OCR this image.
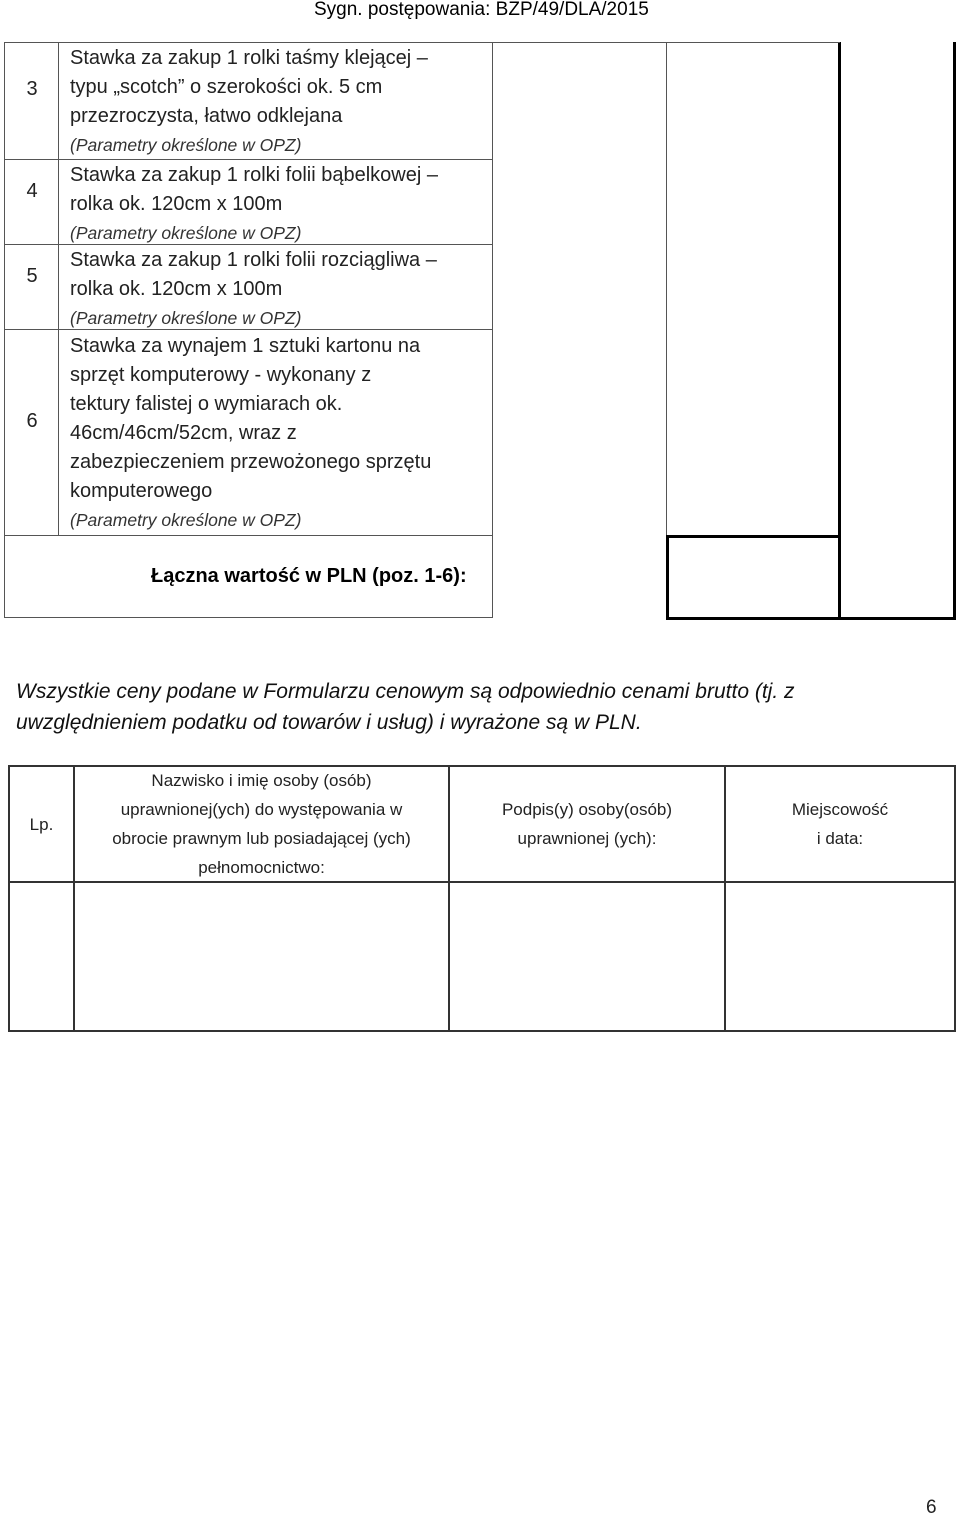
Sygn. postępowania: BZP/49/DLA/2015
3
Stawka za zakup 1 rolki taśmy klejącej –
typu „scotch” o szerokości ok. 5 cm
przezroczysta, łatwo odklejana
(Parametry określone w OPZ)
4
Stawka za zakup 1 rolki folii bąbelkowej –
rolka ok. 120cm x 100m
(Parametry określone w OPZ)
5
Stawka za zakup 1 rolki folii rozciągliwa –
rolka ok. 120cm x 100m
(Parametry określone w OPZ)
6
Stawka za wynajem 1 sztuki kartonu na
sprzęt komputerowy - wykonany z
tektury falistej o wymiarach ok.
46cm/46cm/52cm, wraz z
zabezpieczeniem przewożonego sprzętu
komputerowego
(Parametry określone w OPZ)
Łączna wartość w PLN (poz. 1-6):
Wszystkie ceny podane w Formularzu cenowym są odpowiednio cenami brutto (tj. z
uwzględnieniem podatku od towarów i usług) i wyrażone są w PLN.
Lp.
Nazwisko i imię osoby (osób)
uprawnionej(ych) do występowania w
obrocie prawnym lub posiadającej (ych)
pełnomocnictwo:
Podpis(y) osoby(osób)
uprawnionej (ych):
Miejscowość
i data:
6
